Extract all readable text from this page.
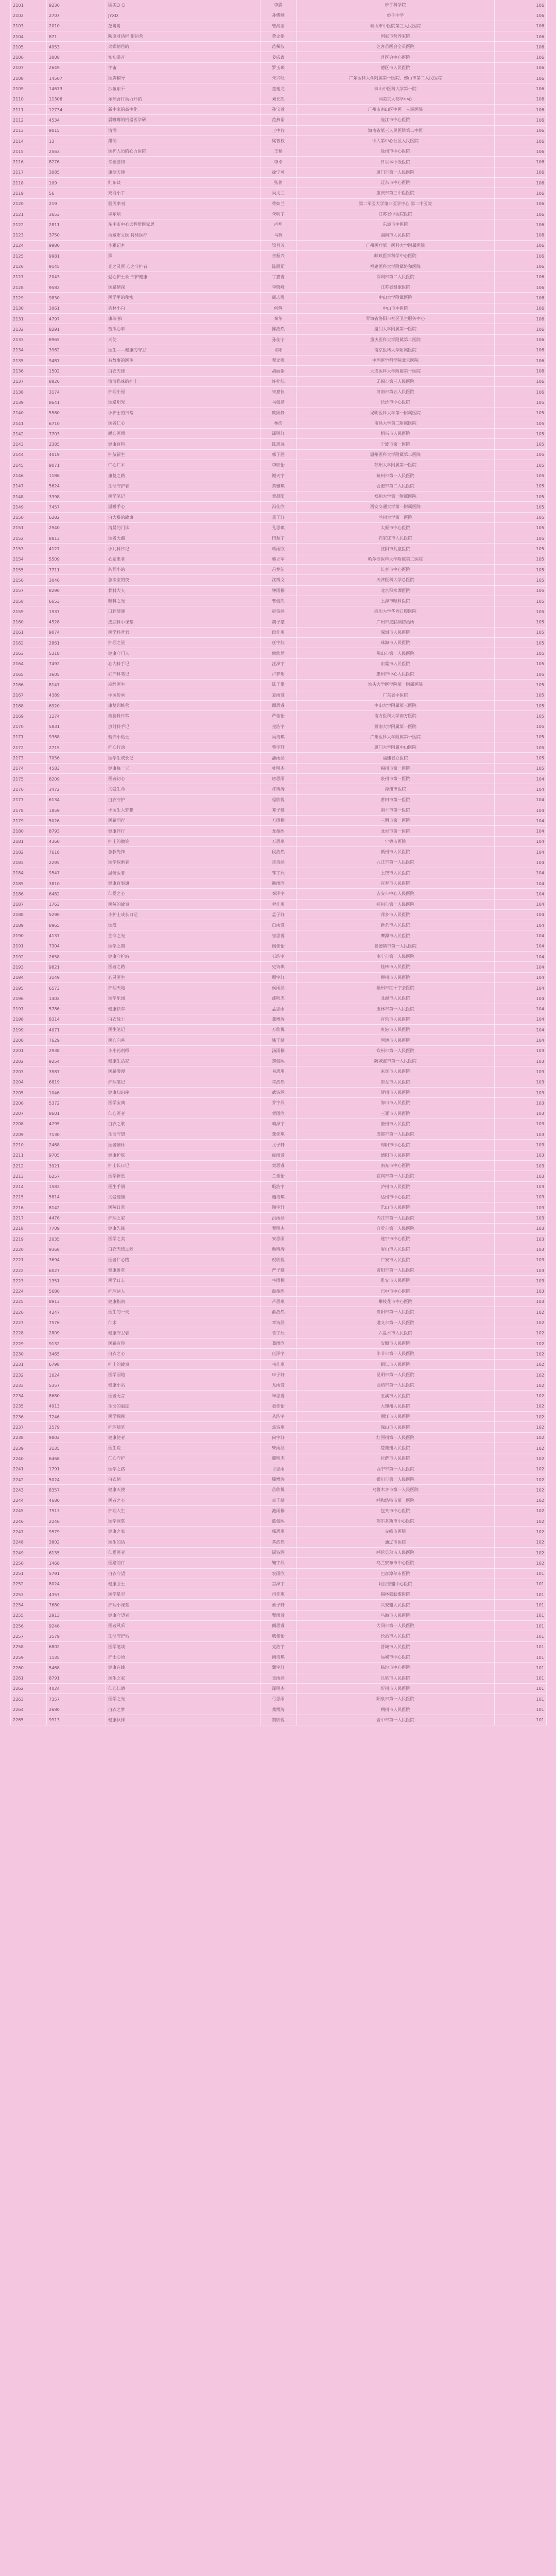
2101	9236	国美○ ○	李露	妙手科学院	106
2102	2707	JYXD	孙佛顺	妙手中学	106
2103	2010	芝哥哥	曾海清	泰山市中医院第三人民医院	106
2104	871	陶原对话框 都运营	黄文娟	国家市营养家院	106
2105	4953	火锅情目的	范稀波	芝客苗医会全员医院	106
2106	3008	知知道音	姜成鑫	普区会中心医院	106
2107	2649	宇宙	罗玉瑛	德区市人民医院	106
2108	14507	医牌辅导	朱兴旺	广东医科大学附属第一医院、佛山市第二人民医院	106
2109	14673	沙鱼东干	童逸龙	珠山中医科大学第一院	106
2110	11306	乐瑶吾行动力开拓	刘长凯	同美京大都学中心	106
2111	12734	新中家的高中化	孙宝萱	广州市南山区中医一人民医院	106
2112	4534	晨嘟嘟的机器医学研	范燕语	连江市中心医院	106
2113	9015	清酒	王中行	海南省第三人民医院第二中医	106
2114	13	甜纳	粱智权	中大第中心社区人民医院	106
2115	2563	医护人员的心力医院	王秘	徐州市中心医院	106
2116	8276	幸福要和	李卓	日以本中级医院	106
2117	3085	康健天使	徐宁可	厦门市第一人民医院	106
2118	109	红东谈	张俏	辽东市中心医院	106
2119	56	充能小丁	吴文兰	重庆市第三中医医院	106
2120	219	圆周率刊	荣如兰	第二军医大学第四医学中心 第二中医院	106
2121	3653	坛东坛	朱明宇	江苏省中医院医院	106
2122	2811	东中市中心远程辩医家居	卢坤	东坡市中医院	106
2123	3750	西藏市立医 持续医疗	马燕	湖南市人民医院	106
2124	9980	小雅记本	梁月芳	广州医疗第一医科大学附属医院	106
2125	9981	熊	余振兴	邮政医学科学中心医院	106
2126	9145	光之灵医 心之守护者	陈丽斯	福建医科大学附属协和医院	106
2127	2043	爱心护士长 守护健康	丁嘉睿	深圳市第二人民医院	106
2128	9582	医路情深	李晓峰	江苏省健康医院	106
2129	9830	医学里的秘密	周志强	中山大学附属医院	106
2130	3061	杏林小白	何辉	中山市中医院	106
2131	4797	康瑞·拍	秦华	青海省洛阳市社区卫生服务中心	106
2132	8291	苦瓜心事	陈浩然	厦门大学附属第一医院	106
2133	8965	天使	孙佳宁	重庆医科大学附属第二医院	106
2134	3962	医生——健康的守卫	祁阳	南京医科大学附属医院	106
2135	9487	有故事的医生	翟文强	中国医学科学院北京医院	106
2136	1502	白衣天使	胡丽娟	大连医科大学附属第一医院	106
2137	8826	流浪猫咪的护士	许梓航	无锡市第三人民医院	106
2138	3174	护理小屋	宋嘉仪	济南市第五人民医院	106
2139	8641	医路阳光	马俊彦	长沙市中心医院	105
2140	5560	小护士的日常	欧阳静	昆明医科大学第一附属医院	105
2141	6710	医者仁心	林浩	南昌大学第二附属医院	105
2142	7703	暖心医师	邵明轩	绍兴市人民医院	105
2143	2385	健康百科	陈思远	宁波市第一医院	105
2144	4019	护航新生	郭子涵	温州医科大学附属第二医院	105
2145	9071	仁心仁术	李欣怡	苏州大学附属第一医院	105
2146	1186	康复之路	谢天宇	杭州市第一人民医院	105
2147	5624	生命守护者	黄雅琪	合肥市第二人民医院	105
2148	3398	医学笔记	贺晨阳	郑州大学第一附属医院	105
2149	7457	温暖手心	冯佳欣	西安交通大学第一附属医院	105
2150	6282	白大褂的故事	董子轩	兰州大学第一医院	105
2151	2940	清晨的门诊	孔思琪	太原市中心医院	105
2152	8813	医者无疆	田振宇	石家庄市人民医院	105
2153	4127	小儿科日记	蒋雨欣	沈阳市儿童医院	105
2154	5509	心系患者	韩立军	哈尔滨医科大学附属第二医院	105
2155	7711	药师小站	吕梦洁	长春市中心医院	105
2156	3046	急诊室的夜	沈博文	天津医科大学总医院	105
2157	8290	骨科大夫	钟雨桐	北京积水潭医院	105
2158	6653	眼科之光	曹俊凯	上海市眼科医院	105
2159	1937	口腔健康	彭诗涵	四川大学华西口腔医院	105
2160	4528	皮肤科小课堂	魏子豪	广州市皮肤病防治所	105
2161	9074	医学科普君	段佳琪	深圳市人民医院	105
2162	2861	护理之星	任宇航	珠海市人民医院	105
2163	5318	健康守门人	姚欣然	佛山市第一人民医院	105
2164	7492	心内科手记	汪泽宇	东莞市人民医院	105
2165	3605	妇产科笔记	卢梦瑶	惠州市中心人民医院	105
2166	8147	麻醉医生	陆子墨	汕头大学医学院第一附属医院	105
2167	4389	中医传承	夏雨萱	广东省中医院	105
2168	6920	康复训练营	谭思睿	中山大学附属第三医院	105
2169	1274	检验科日常	严佳怡	南方医科大学南方医院	105
2170	5831	放射科手记	金浩宇	暨南大学附属第一医院	105
2171	9368	营养小贴士	吴诗琪	广州医科大学附属第一医院	105
2172	2715	护心行动	蔡宇轩	厦门大学附属中山医院	105
2173	7056	医学生成长记	潘雨涵	福建省立医院	105
2174	4583	健康每一天	杜明杰	福州市第一医院	105
2175	8209	医者初心	唐思雨	泉州市第一医院	104
2176	3472	关爱生命	许博涛	漳州市医院	104
2177	6134	白衣守护	程欣悦	莆田市第一医院	104
2178	1859	小医生大梦想	邓子健	南平市第一医院	104
2179	5026	医路同行	方雨桐	三明市第一医院	104
2180	8793	健康伴行	龙俊熙	龙岩市第一医院	104
2181	4360	护士的微笑	万思琪	宁德市医院	104
2182	7618	急救先锋	段浩然	赣州市人民医院	104
2183	2295	医学探索者	雷诗涵	九江市第一人民医院	104
2184	9547	温情医者	邹宇辰	上饶市人民医院	104
2185	3810	健康百事通	熊雨欣	宜春市人民医院	104
2186	6482	仁爱之心	秦泽宇	吉安市中心人民医院	104
2187	1763	医院的故事	尹佳琪	抚州市第一人民医院	104
2188	5290	小护士成长日记	孟子轩	萍乡市人民医院	104
2189	8965	医道	白雨萱	新余市人民医院	104
2190	4137	生命之光	崔思睿	鹰潭市人民医院	104
2191	7304	医学之窗	阎佳怡	景德镇市第一人民医院	104
2192	2658	健康守护站	石浩宇	南宁市第一人民医院	104
2193	9821	医者之路	史诗琪	桂林市人民医院	104
2194	3149	心灵医生	顾宇轩	柳州市人民医院	104
2195	6573	护理天地	侯雨涵	梧州市红十字会医院	104
2196	1402	医学乐园	邵明杰	北海市人民医院	104
2197	5786	健康快车	孟思雨	玉林市第一人民医院	104
2198	8314	白衣战士	龚博涛	百色市人民医院	104
2199	4071	医生笔记	万欣悦	贵港市人民医院	104
2200	7629	医心向善	钱子健	河池市人民医院	104
2201	2938	小小药剂师	汤雨桐	钦州市第一人民医院	103
2202	9254	健康生活家	黎俊熙	防城港市第一人民医院	103
2203	3587	医路漫漫	易思琪	来宾市人民医院	103
2204	6819	护理笔记	常浩然	崇左市人民医院	103
2205	1046	健康知识库	武诗涵	贺州市人民医院	103
2206	5372	医学宝典	乔宇辰	海口市人民医院	103
2207	8601	仁心医者	贺雨欣	三亚市人民医院	103
2208	4295	白衣之歌	赖泽宇	儋州市人民医院	103
2209	7130	生命守望	龚佳琪	成都市第一人民医院	103
2210	2468	医者情怀	文子轩	绵阳市中心医院	103
2211	9705	健康护航	庞雨萱	德阳市人民医院	103
2212	3921	护士长日记	樊思睿	南充市中心医院	103
2213	6257	医学新星	兰佳怡	宜宾市第一人民医院	103
2214	1583	医生手册	殷浩宇	泸州市人民医院	103
2215	5814	关爱健康	施诗琪	达州市中心医院	103
2216	8142	医院日常	陶宇轩	乐山市人民医院	103
2217	4476	护理之家	洪雨涵	内江市第一人民医院	103
2218	7709	健康先锋	翟明杰	自贡市第一人民医院	103
2219	2035	医学之美	安思雨	遂宁市中心医院	103
2220	9368	白衣天使之歌	颜博涛	眉山市人民医院	103
2221	3694	医者仁心路	倪欣悦	广安市人民医院	103
2222	6027	健康讲堂	严子健	资阳市第一人民医院	103
2223	1351	医学日志	牛雨桐	雅安市人民医院	103
2224	5680	护理达人	温俊熙	巴中市中心医院	103
2225	8913	健康指南	芦思琪	攀枝花市中心医院	103
2226	4247	医生的一天	俞浩然	贵阳市第一人民医院	102
2227	7576	仁术	章诗涵	遵义市第一人民医院	102
2228	2809	健康守卫者	鲁宇辰	六盘水市人民医院	102
2229	9132	医路有你	葛雨欣	安顺市人民医院	102
2230	3465	白衣之心	伍泽宇	毕节市第一人民医院	102
2231	6798	护士的故事	韦佳琪	铜仁市人民医院	102
2232	1024	医学园地	申子轩	昆明市第一人民医院	102
2233	5357	健康小站	尤雨萱	曲靖市第一人民医院	102
2234	8680	医者无言	毕思睿	玉溪市人民医院	102
2235	4913	生命的温度	聂佳怡	大理州人民医院	102
2236	7246	医学探秘	丛浩宇	丽江市人民医院	102
2237	2579	护理随笔	焦诗琪	保山市人民医院	102
2238	9802	健康使者	向宇轩	红河州第一人民医院	102
2239	3135	医生说	柴雨涵	楚雄州人民医院	102
2240	6468	仁心守护	邢明杰	拉萨市人民医院	102
2241	1791	医学之路	甘思雨	西宁市第一人民医院	102
2242	5024	白衣情	滕博涛	银川市第一人民医院	102
2243	8357	健康天使	苗欣悦	乌鲁木齐市第一人民医院	102
2244	4680	医者之心	卓子健	呼和浩特市第一医院	102
2245	7913	护理人生	池雨桐	包头市中心医院	102
2246	2246	医学课堂	蓝俊熙	鄂尔多斯市中心医院	102
2247	9579	健康之家	邬思琪	赤峰市医院	102
2248	3802	医生的话	茅浩然	通辽市医院	102
2249	6135	仁爱医者	屠诗涵	呼伦贝尔市人民医院	102
2250	1468	医路前行	鞠宇辰	乌兰察布市中心医院	102
2251	5791	白衣守望	农雨欣	巴彦淖尔市医院	101
2252	8024	健康卫士	宫泽宇	阿拉善盟中心医院	101
2253	4357	医学星空	司佳琪	锡林郭勒盟医院	101
2254	7680	护理小课堂	索子轩	兴安盟人民医院	101
2255	2913	健康守望者	瞿雨萱	乌海市人民医院	101
2256	9246	医者风采	阚思睿	大同市第一人民医院	101
2257	3579	生命守护站	戚佳怡	长治市人民医院	101
2258	6802	医学笔谈	党浩宇	晋城市人民医院	101
2259	1135	护士心语	阙诗琪	运城市中心医院	101
2260	5468	健康在线	冀宇轩	临汾市中心医院	101
2261	8791	医生之家	查雨涵	吕梁市人民医院	101
2262	4024	仁心仁德	郜明杰	忻州市人民医院	101
2263	7357	医学之光	弓思雨	阳泉市第一人民医院	101
2264	2680	白衣之梦	桑博涛	朔州市人民医院	101
2265	9913	健康伙伴	荆欣悦	晋中市第一人民医院	101
